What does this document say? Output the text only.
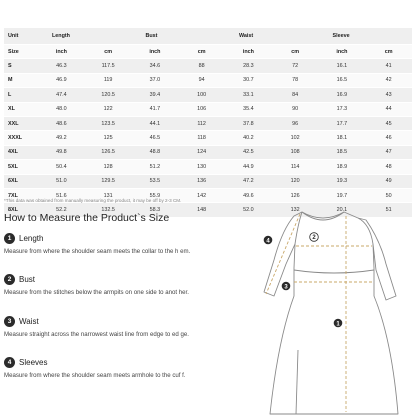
Unit	Length		Bust		Waist		Sleeve	
Size	inch	cm	inch	cm	inch	cm	inch	cm
S	46.3	117.5	34.6	88	28.3	72	16.1	41
M	46.9	119	37.0	94	30.7	78	16.5	42
L	47.4	120.5	39.4	100	33.1	84	16.9	43
XL	48.0	122	41.7	106	35.4	90	17.3	44
XXL	48.6	123.5	44.1	112	37.8	96	17.7	45
XXXL	49.2	125	46.5	118	40.2	102	18.1	46
4XL	49.8	126.5	48.8	124	42.5	108	18.5	47
5XL	50.4	128	51.2	130	44.9	114	18.9	48
6XL	51.0	129.5	53.5	136	47.2	120	19.3	49
7XL	51.6	131	55.9	142	49.6	126	19.7	50
8XL	52.2	132.5	58.3	148	52.0	132	20.1	51
*This data was obtained from manually measuring the product, it may be off by 2-3 CM.
How to Measure the Product`s Size
1 Length
Measure from where the shoulder seam meets the collar to the h em.
2 Bust
Measure from the stitches below the armpits on one side to anot her.
3 Waist
Measure straight across the narrowest waist line from edge to ed ge.
4 Sleeves
Measure from where the shoulder seam meets armhole to the cuf f.
1
2
3
4
